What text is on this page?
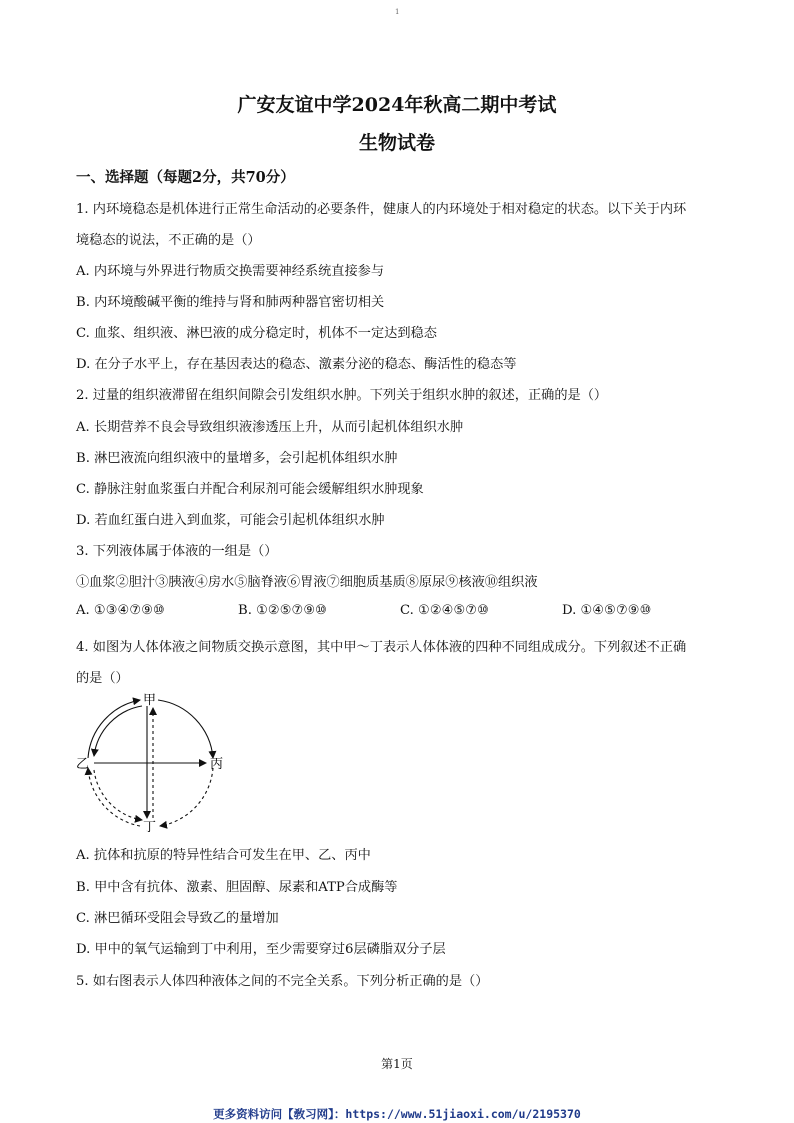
1
广安友谊中学2024年秋高二期中考试
生物试卷
一、选择题（每题2分，共70分）
1. 内环境稳态是机体进行正常生命活动的必要条件，健康人的内环境处于相对稳定的状态。以下关于内环
境稳态的说法，不正确的是（）
A. 内环境与外界进行物质交换需要神经系统直接参与
B. 内环境酸碱平衡的维持与肾和肺两种器官密切相关
C. 血浆、组织液、淋巴液的成分稳定时，机体不一定达到稳态
D. 在分子水平上，存在基因表达的稳态、激素分泌的稳态、酶活性的稳态等
2. 过量的组织液滞留在组织间隙会引发组织水肿。下列关于组织水肿的叙述，正确的是（）
A. 长期营养不良会导致组织液渗透压上升，从而引起机体组织水肿
B. 淋巴液流向组织液中的量增多，会引起机体组织水肿
C. 静脉注射血浆蛋白并配合利尿剂可能会缓解组织水肿现象
D. 若血红蛋白进入到血浆，可能会引起机体组织水肿
3. 下列液体属于体液的一组是（）
①血浆②胆汁③胰液④房水⑤脑脊液⑥胃液⑦细胞质基质⑧原尿⑨核液⑩组织液
A. ①③④⑦⑨⑩	B. ①②⑤⑦⑨⑩	C. ①②④⑤⑦⑩	D. ①④⑤⑦⑨⑩
4. 如图为人体体液之间物质交换示意图，其中甲～丁表示人体体液的四种不同组成成分。下列叙述不正确
的是（）
甲
乙	丙
丁
A. 抗体和抗原的特异性结合可发生在甲、乙、丙中
B. 甲中含有抗体、激素、胆固醇、尿素和ATP合成酶等
C. 淋巴循环受阻会导致乙的量增加
D. 甲中的氧气运输到丁中利用，至少需要穿过6层磷脂双分子层
5. 如右图表示人体四种液体之间的不完全关系。下列分析正确的是（）
第1页
更多资料访问【敎习网】：https://www.51jiaoxi.com/u/2195370
